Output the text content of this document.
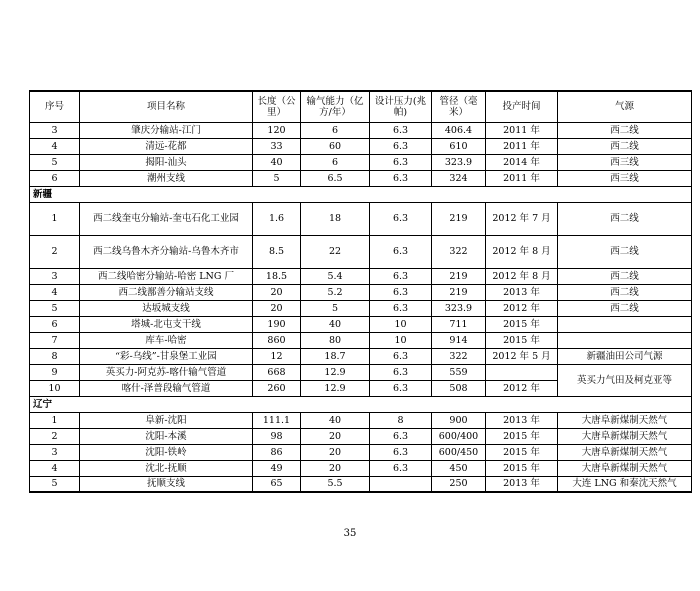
序号	项目名称	长度（公里）	输气能力（亿方/年）	设计压力(兆帕)	管径（毫米）	投产时间	气源
3	肇庆分输站-江门	120	6	6.3	406.4	2011 年	西二线
4	清远-花都	33	60	6.3	610	2011 年	西二线
5	揭阳-汕头	40	6	6.3	323.9	2014 年	西三线
6	潮州支线	5	6.5	6.3	324	2011 年	西三线
新疆							
1	西二线奎屯分输站-奎屯石化工业园	1.6	18	6.3	219	2012 年 7 月	西二线
2	西二线乌鲁木齐分输站-乌鲁木齐市	8.5	22	6.3	322	2012 年 8 月	西二线
3	西二线哈密分输站-哈密 LNG 厂	18.5	5.4	6.3	219	2012 年 8 月	西二线
4	西二线鄯善分输站支线	20	5.2	6.3	219	2013 年	西二线
5	达坂城支线	20	5	6.3	323.9	2012 年	西二线
6	塔城-北屯支干线	190	40	10	711	2015 年	
7	库车-哈密	860	80	10	914	2015 年	
8	“彩-乌线”-甘泉堡工业园	12	18.7	6.3	322	2012 年 5 月	新疆油田公司气源
9	英买力-阿克苏-喀什输气管道	668	12.9	6.3	559		英买力气田及柯克亚等
10	喀什-泽普段输气管道	260	12.9	6.3	508	2012 年	
辽宁							
1	阜新-沈阳	111.1	40	8	900	2013 年	大唐阜新煤制天然气
2	沈阳-本溪	98	20	6.3	600/400	2015 年	大唐阜新煤制天然气
3	沈阳-铁岭	86	20	6.3	600/450	2015 年	大唐阜新煤制天然气
4	沈北-抚顺	49	20	6.3	450	2015 年	大唐阜新煤制天然气
5	抚顺支线	65	5.5		250	2013 年	大连 LNG 和秦沈天然气
35
